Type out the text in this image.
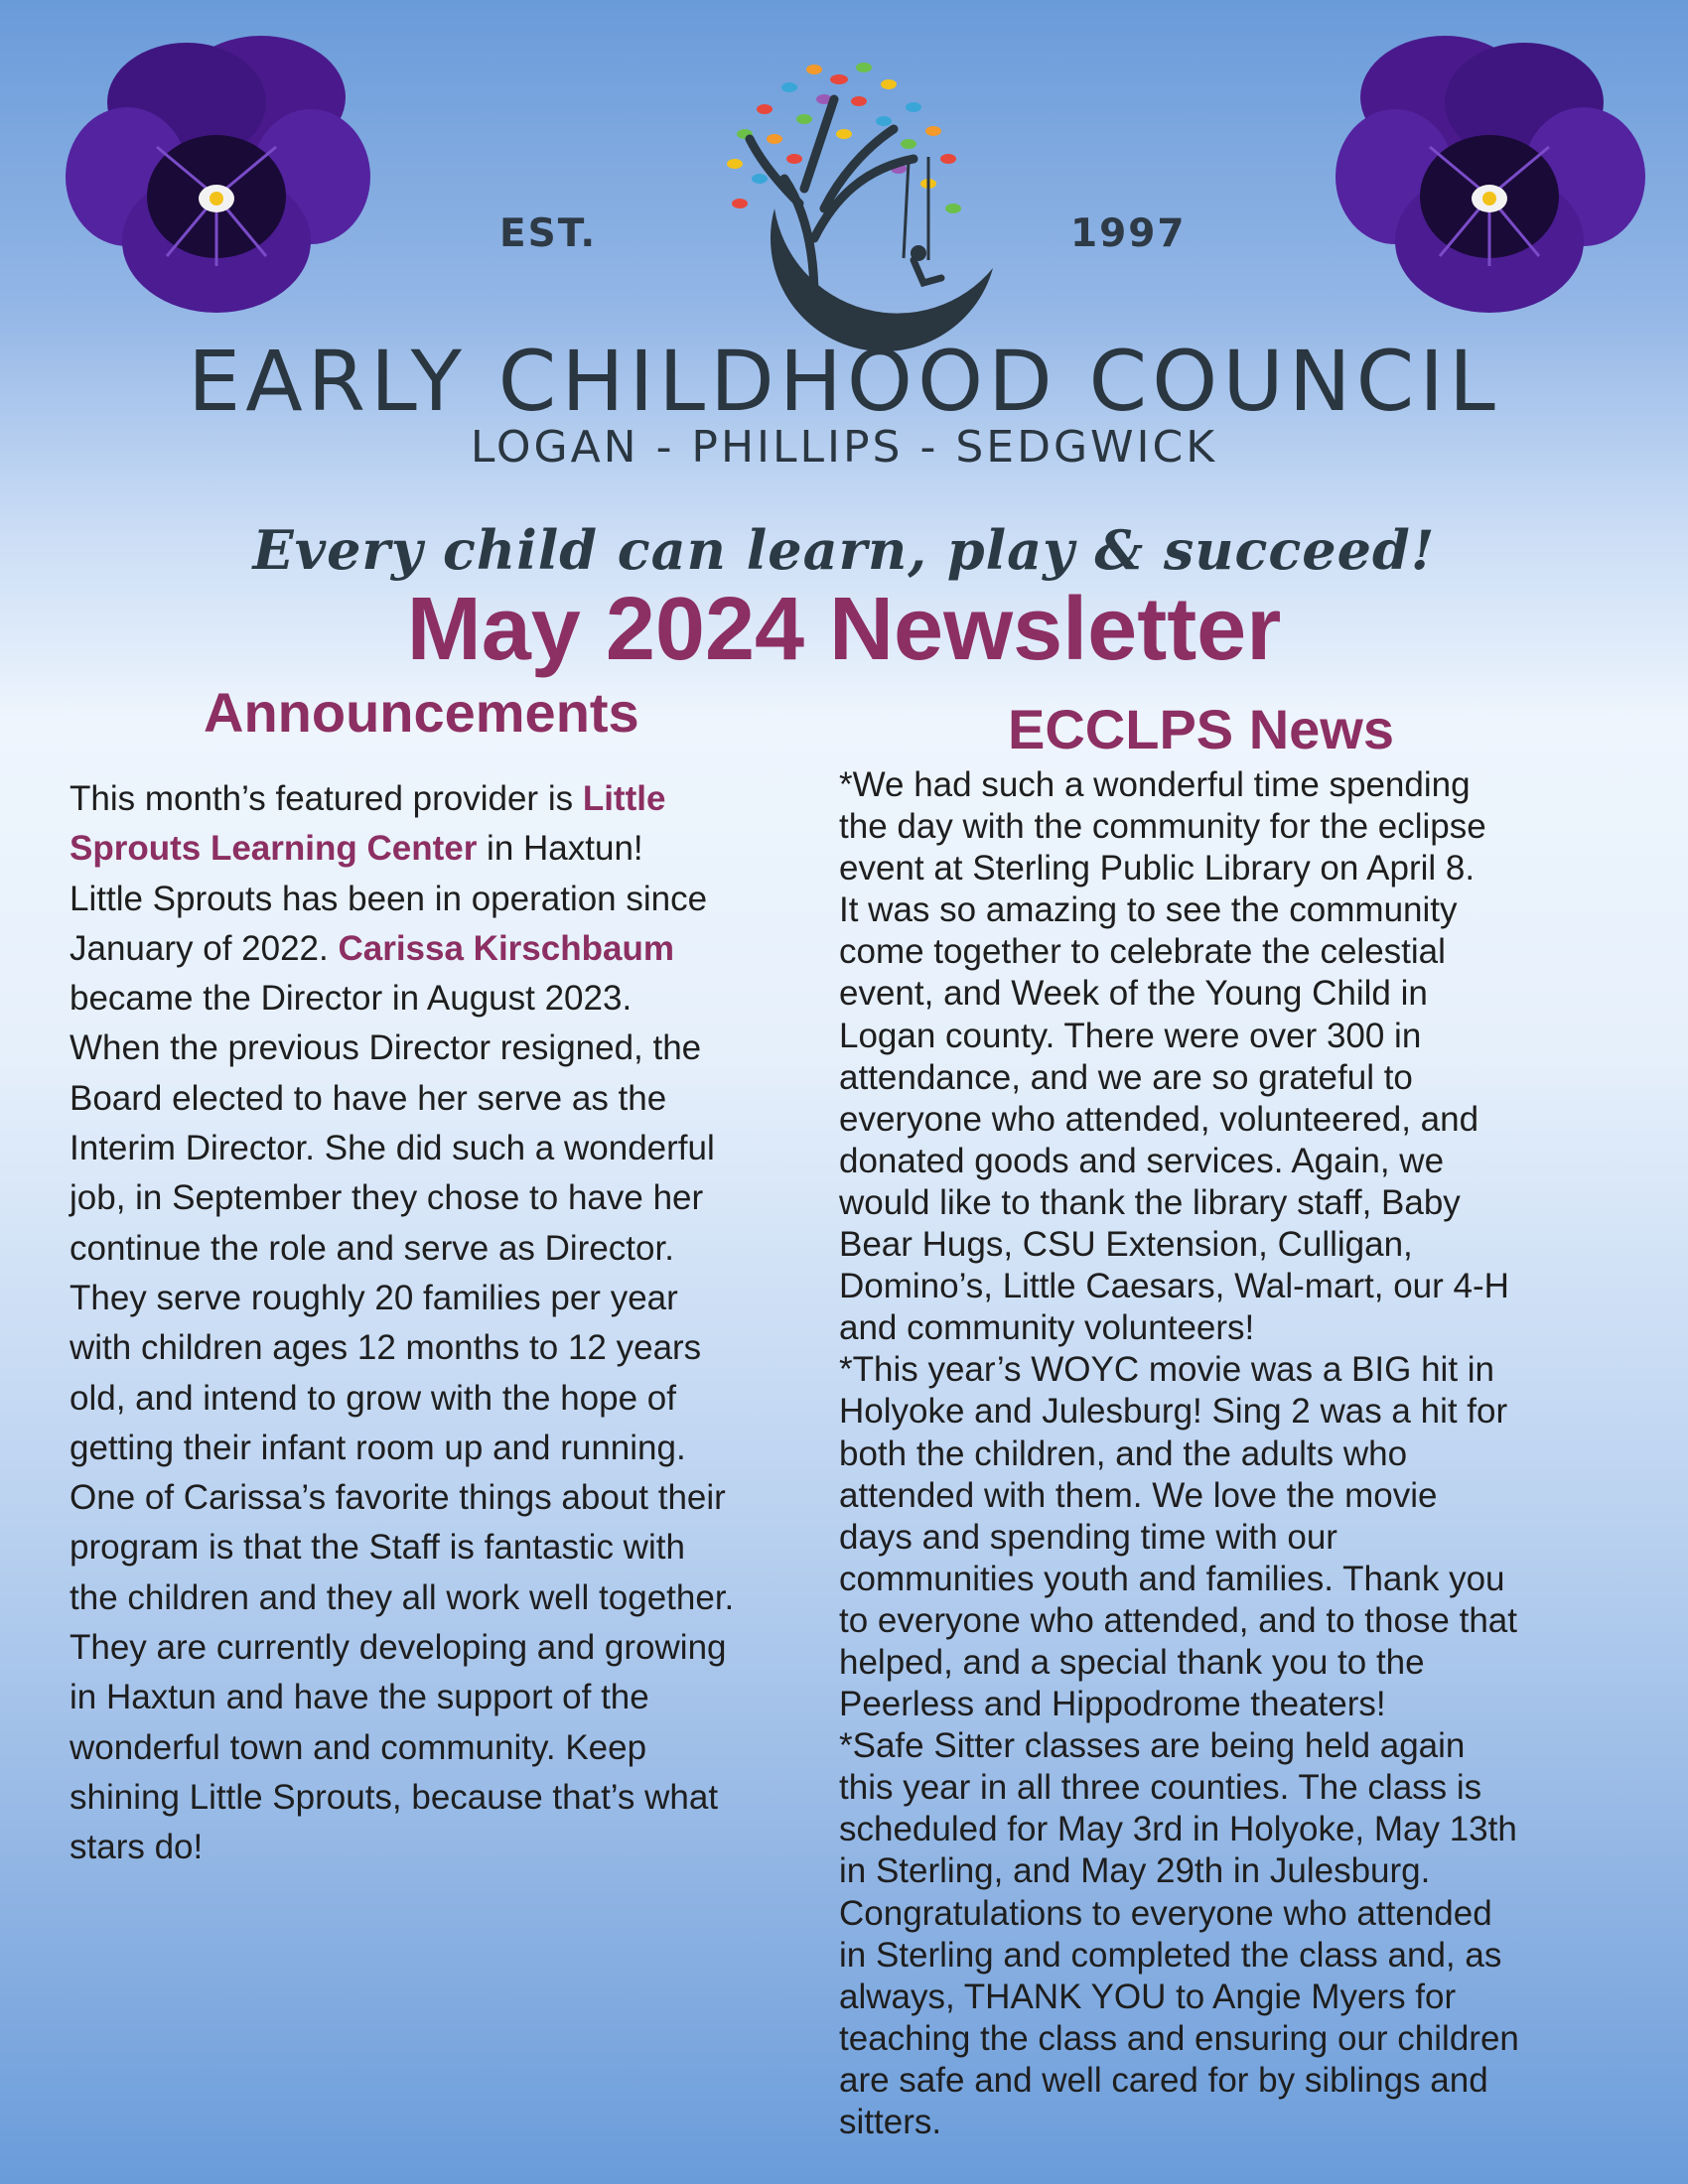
EST.	1997
EARLY CHILDHOOD COUNCIL
LOGAN - PHILLIPS - SEDGWICK
Every child can learn, play & succeed!
May 2024 Newsletter
Announcements	ECCLPS News
This month’s featured provider is Little
Sprouts Learning Center in Haxtun!
Little Sprouts has been in operation since
January of 2022. Carissa Kirschbaum
became the Director in August 2023.
When the previous Director resigned, the
Board elected to have her serve as the
Interim Director. She did such a wonderful
job, in September they chose to have her
continue the role and serve as Director.
They serve roughly 20 families per year
with children ages 12 months to 12 years
old, and intend to grow with the hope of
getting their infant room up and running.
One of Carissa’s favorite things about their
program is that the Staff is fantastic with
the children and they all work well together.
They are currently developing and growing
in Haxtun and have the support of the
wonderful town and community. Keep
shining Little Sprouts, because that’s what
stars do!
*We had such a wonderful time spending
the day with the community for the eclipse
event at Sterling Public Library on April 8.
It was so amazing to see the community
come together to celebrate the celestial
event, and Week of the Young Child in
Logan county. There were over 300 in
attendance, and we are so grateful to
everyone who attended, volunteered, and
donated goods and services. Again, we
would like to thank the library staff, Baby
Bear Hugs, CSU Extension, Culligan,
Domino’s, Little Caesars, Wal-mart, our 4-H
and community volunteers!
*This year’s WOYC movie was a BIG hit in
Holyoke and Julesburg! Sing 2 was a hit for
both the children, and the adults who
attended with them. We love the movie
days and spending time with our
communities youth and families. Thank you
to everyone who attended, and to those that
helped, and a special thank you to the
Peerless and Hippodrome theaters!
*Safe Sitter classes are being held again
this year in all three counties. The class is
scheduled for May 3rd in Holyoke, May 13th
in Sterling, and May 29th in Julesburg.
Congratulations to everyone who attended
in Sterling and completed the class and, as
always, THANK YOU to Angie Myers for
teaching the class and ensuring our children
are safe and well cared for by siblings and
sitters.
